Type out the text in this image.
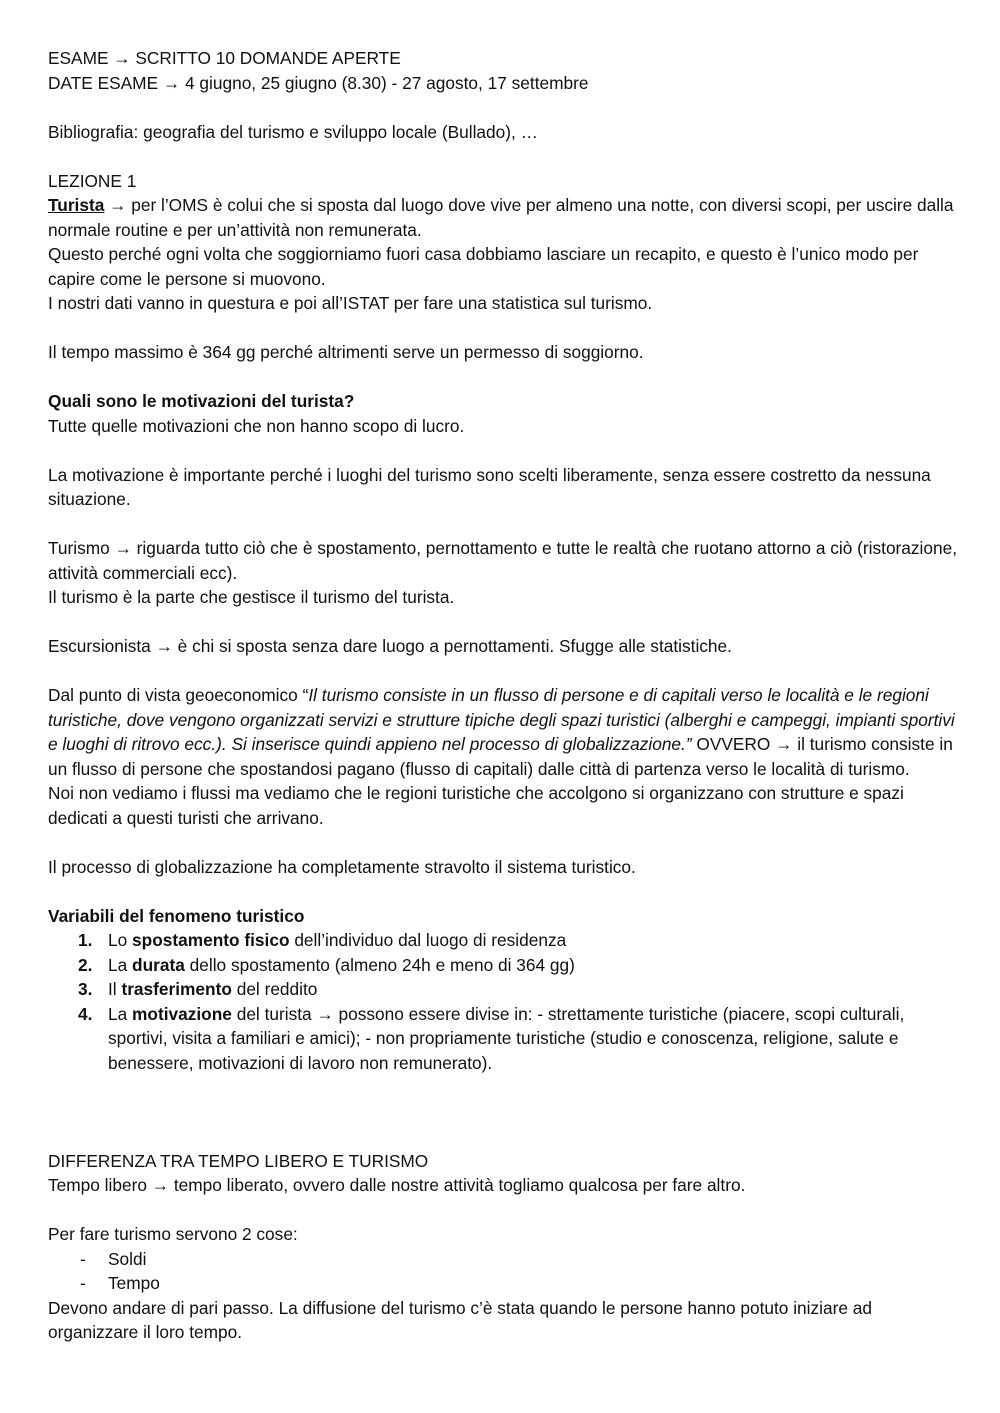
ESAME → SCRITTO 10 DOMANDE APERTE

DATE ESAME → 4 giugno, 25 giugno (8.30) - 27 agosto, 17 settembre

Bibliografia: geografia del turismo e sviluppo locale (Bullado), …

LEZIONE 1

Turista → per l’OMS è colui che si sposta dal luogo dove vive per almeno una notte, con diversi scopi, per uscire dalla normale routine e per un’attività non remunerata.

Questo perché ogni volta che soggiorniamo fuori casa dobbiamo lasciare un recapito, e questo è l’unico modo per capire come le persone si muovono.

I nostri dati vanno in questura e poi all’ISTAT per fare una statistica sul turismo.

Il tempo massimo è 364 gg perché altrimenti serve un permesso di soggiorno.

Quali sono le motivazioni del turista?

Tutte quelle motivazioni che non hanno scopo di lucro.

La motivazione è importante perché i luoghi del turismo sono scelti liberamente, senza essere costretto da nessuna situazione.

Turismo → riguarda tutto ciò che è spostamento, pernottamento e tutte le realtà che ruotano attorno a ciò (ristorazione, attività commerciali ecc).

Il turismo è la parte che gestisce il turismo del turista.

Escursionista → è chi si sposta senza dare luogo a pernottamenti. Sfugge alle statistiche.

Dal punto di vista geoeconomico “Il turismo consiste in un flusso di persone e di capitali verso le località e le regioni turistiche, dove vengono organizzati servizi e strutture tipiche degli spazi turistici (alberghi e campeggi, impianti sportivi e luoghi di ritrovo ecc.). Si inserisce quindi appieno nel processo di globalizzazione.” OVVERO → il turismo consiste in un flusso di persone che spostandosi pagano (flusso di capitali) dalle città di partenza verso le località di turismo.

Noi non vediamo i flussi ma vediamo che le regioni turistiche che accolgono si organizzano con strutture e spazi dedicati a questi turisti che arrivano.

Il processo di globalizzazione ha completamente stravolto il sistema turistico.

Variabili del fenomeno turistico

1. Lo spostamento fisico dell’individuo dal luogo di residenza
2. La durata dello spostamento (almeno 24h e meno di 364 gg)
3. Il trasferimento del reddito
4. La motivazione del turista → possono essere divise in: - strettamente turistiche (piacere, scopi culturali, sportivi, visita a familiari e amici); - non propriamente turistiche (studio e conoscenza, religione, salute e benessere, motivazioni di lavoro non remunerato).

DIFFERENZA TRA TEMPO LIBERO E TURISMO

Tempo libero → tempo liberato, ovvero dalle nostre attività togliamo qualcosa per fare altro.

Per fare turismo servono 2 cose:

- Soldi
- Tempo

Devono andare di pari passo. La diffusione del turismo c’è stata quando le persone hanno potuto iniziare ad organizzare il loro tempo.
